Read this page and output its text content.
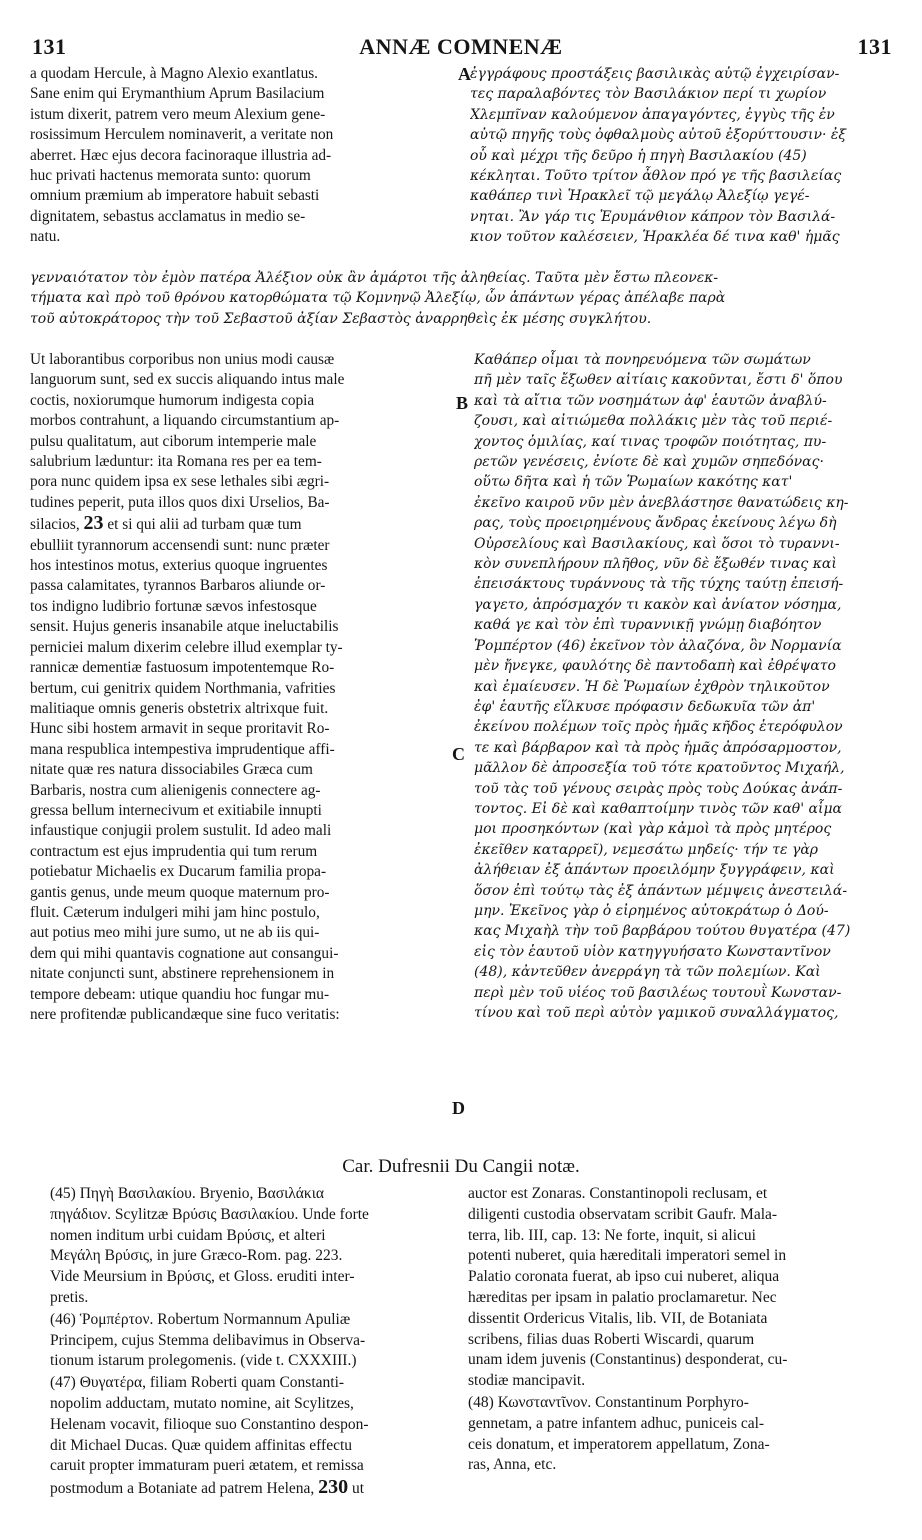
131	ANNÆ COMNENÆ	131
a quodam Hercule, à Magno Alexio exantlatus.
Sane enim qui Erymanthium Aprum Basilacium
istum dixerit, patrem vero meum Alexium gene-
rosissimum Herculem nominaverit, a veritate non
aberret. Hæc ejus decora facinoraque illustria ad-
huc privati hactenus memorata sunto: quorum
omnium præmium ab imperatore habuit sebasti
dignitatem, sebastus acclamatus in medio se-
natu.
ἐγγράφους προστάξεις βασιλικὰς αὐτῷ ἐγχειρίσαν-
τες παραλαβόντες τὸν Βασιλάκιον περί τι χωρίον
Χλεμπῖναν καλούμενον ἀπαγαγόντες, ἐγγὺς τῆς ἐν
αὐτῷ πηγῆς τοὺς ὀφθαλμοὺς αὐτοῦ ἐξορύττουσιν· ἐξ
οὗ καὶ μέχρι τῆς δεῦρο ἡ πηγὴ Βασιλακίου (45)
κέκληται. Τοῦτο τρίτον ἆθλον πρό γε τῆς βασιλείας
καθάπερ τινὶ Ἡρακλεῖ τῷ μεγάλῳ Ἀλεξίῳ γεγέ-
νηται. Ἂν γάρ τις Ἐρυμάνθιον κάπρον τὸν Βασιλά-
κιον τοῦτον καλέσειεν, Ἡρακλέα δέ τινα καθ' ἡμᾶς
γενναιότατον τὸν ἐμὸν πατέρα Ἀλέξιον οὐκ ἂν ἁμάρτοι τῆς ἀληθείας. Ταῦτα μὲν ἔστω πλεονεκ-
τήματα καὶ πρὸ τοῦ θρόνου κατορθώματα τῷ Κομνηνῷ Ἀλεξίῳ, ὧν ἁπάντων γέρας ἀπέλαβε παρὰ
τοῦ αὐτοκράτορος τὴν τοῦ Σεβαστοῦ ἀξίαν Σεβαστὸς ἀναρρηθεὶς ἐκ μέσης συγκλήτου.
Ut laborantibus corporibus non unius modi causæ
languorum sunt, sed ex succis aliquando intus male
coctis, noxiorumque humorum indigesta copia
morbos contrahunt, a liquando circumstantium ap-
pulsu qualitatum, aut ciborum intemperie male
salubrium læduntur: ita Romana res per ea tem-
pora nunc quidem ipsa ex sese lethales sibi ægri-
tudines peperit, puta illos quos dixi Urselios, Ba-
silacios, 23 et si qui alii ad turbam quæ tum
ebulliit tyrannorum accensendi sunt: nunc præter
hos intestinos motus, exterius quoque ingruentes
passa calamitates, tyrannos Barbaros aliunde or-
tos indigno ludibrio fortunæ sævos infestosque
sensit. Hujus generis insanabile atque ineluctabilis
perniciei malum dixerim celebre illud exemplar ty-
rannicæ dementiæ fastuosum impotentemque Ro-
bertum, cui genitrix quidem Northmania, vafrities
malitiaque omnis generis obstetrix altrixque fuit.
Hunc sibi hostem armavit in seque proritavit Ro-
mana respublica intempestiva imprudentique affi-
nitate quæ res natura dissociabiles Græca cum
Barbaris, nostra cum alienigenis connectere ag-
gressa bellum internecivum et exitiabile innupti
infaustique conjugii prolem sustulit. Id adeo mali
contractum est ejus imprudentia qui tum rerum
potiebatur Michaelis ex Ducarum familia propa-
gantis genus, unde meum quoque maternum pro-
fluit. Cæterum indulgeri mihi jam hinc postulo,
aut potius meo mihi jure sumo, ut ne ab iis qui-
dem qui mihi quantavis cognatione aut consangui-
nitate conjuncti sunt, abstinere reprehensionem in
tempore debeam: utique quandiu hoc fungar mu-
nere profitendæ publicandæque sine fuco veritatis:
Καθάπερ οἶμαι τὰ πονηρευόμενα τῶν σωμάτων
πῆ μὲν ταῖς ἔξωθεν αἰτίαις κακοῦνται, ἔστι δ' ὅπου
καὶ τὰ αἴτια τῶν νοσημάτων ἀφ' ἑαυτῶν ἀναβλύ-
ζουσι, καὶ αἰτιώμεθα πολλάκις μὲν τὰς τοῦ περιέ-
χοντος ὁμιλίας, καί τινας τροφῶν ποιότητας, πυ-
ρετῶν γενέσεις, ἐνίοτε δὲ καὶ χυμῶν σηπεδόνας·
οὕτω δῆτα καὶ ἡ τῶν Ῥωμαίων κακότης κατ'
ἐκεῖνο καιροῦ νῦν μὲν ἀνεβλάστησε θανατώδεις κη-
ρας, τοὺς προειρημένους ἄνδρας ἐκείνους λέγω δὴ
Οὐρσελίους καὶ Βασιλακίους, καὶ ὅσοι τὸ τυραννι-
κὸν συνεπλήρουν πλῆθος, νῦν δὲ ἔξωθέν τινας καὶ
ἐπεισάκτους τυράννους τὰ τῆς τύχης ταύτῃ ἐπεισή-
γαγετο, ἀπρόσμαχόν τι κακὸν καὶ ἀνίατον νόσημα,
καθά γε καὶ τὸν ἐπὶ τυραννικῇ γνώμῃ διαβόητον
Ῥομπέρτον (46) ἐκεῖνον τὸν ἀλαζόνα, ὃν Νορμανία
μὲν ἤνεγκε, φαυλότης δὲ παντοδαπὴ καὶ ἐθρέψατο
καὶ ἐμαίευσεν. Ἡ δὲ Ῥωμαίων ἐχθρὸν τηλικοῦτον
ἐφ' ἑαυτῆς εἵλκυσε πρόφασιν δεδωκυῖα τῶν ἀπ'
ἐκείνου πολέμων τοῖς πρὸς ἡμᾶς κῆδος ἑτερόφυλον
τε καὶ βάρβαρον καὶ τὰ πρὸς ἡμᾶς ἀπρόσαρμοστον,
μᾶλλον δὲ ἀπροσεξία τοῦ τότε κρατοῦντος Μιχαήλ,
τοῦ τὰς τοῦ γένους σειρὰς πρὸς τοὺς Δούκας ἀνάπ-
τοντος. Εἰ δὲ καὶ καθαπτοίμην τινὸς τῶν καθ' αἷμα
μοι προσηκόντων (καὶ γὰρ κἀμοὶ τὰ πρὸς μητέρος
ἐκεῖθεν καταρρεῖ), νεμεσάτω μηδείς· τήν τε γὰρ
ἀλήθειαν ἐξ ἁπάντων προειλόμην ξυγγράφειν, καὶ
ὅσον ἐπὶ τούτῳ τὰς ἐξ ἁπάντων μέμψεις ἀνεστειλά-
μην. Ἐκεῖνος γὰρ ὁ εἰρημένος αὐτοκράτωρ ὁ Δού-
κας Μιχαὴλ τὴν τοῦ βαρβάρου τούτου θυγατέρα (47)
εἰς τὸν ἑαυτοῦ υἱὸν κατηγγυήσατο Κωνσταντῖνον
(48), κἀντεῦθεν ἀνερράγη τὰ τῶν πολεμίων. Καὶ
περὶ μὲν τοῦ υἱέος τοῦ βασιλέως τουτουῒ Κωνσταν-
τίνου καὶ τοῦ περὶ αὐτὸν γαμικοῦ συναλλάγματος,
A
B
C
D
Car. Dufresnii Du Cangii notæ.
(45) Πηγὴ Βασιλακίου. Bryenio, Βασιλάκια
πηγάδιον. Scylitzæ Βρύσις Βασιλακίου. Unde forte
nomen inditum urbi cuidam Βρύσις, et alteri
Μεγάλη Βρύσις, in jure Græco-Rom. pag. 223.
Vide Meursium in Βρύσις, et Gloss. eruditi inter-
pretis.
(46) Ῥομπέρτον. Robertum Normannum Apuliæ
Principem, cujus Stemma delibavimus in Observa-
tionum istarum prolegomenis. (vide t. CXXXIII.)
(47) Θυγατέρα, filiam Roberti quam Constanti-
nopolim adductam, mutato nomine, ait Scylitzes,
Helenam vocavit, filioque suo Constantino despon-
dit Michael Ducas. Quæ quidem affinitas effectu
caruit propter immaturam pueri ætatem, et remissa
postmodum a Botaniate ad patrem Helena, 230 ut
auctor est Zonaras. Constantinopoli reclusam, et
diligenti custodia observatam scribit Gaufr. Mala-
terra, lib. III, cap. 13: Ne forte, inquit, si alicui
potenti nuberet, quia hæreditali imperatori semel in
Palatio coronata fuerat, ab ipso cui nuberet, aliqua
hæreditas per ipsam in palatio proclamaretur. Nec
dissentit Ordericus Vitalis, lib. VII, de Botaniata
scribens, filias duas Roberti Wiscardi, quarum
unam idem juvenis (Constantinus) desponderat, cu-
stodiæ mancipavit.
(48) Κωνσταντῖνον. Constantinum Porphyro-
gennetam, a patre infantem adhuc, puniceis cal-
ceis donatum, et imperatorem appellatum, Zona-
ras, Anna, etc.
